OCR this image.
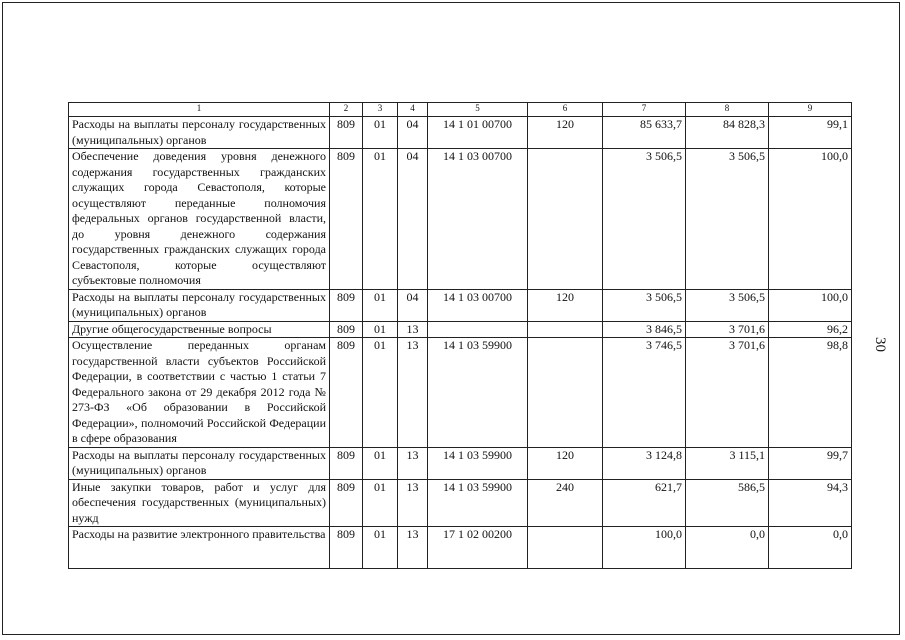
30
1	2	3	4	5	6	7	8	9
Расходы на выплаты персоналу государственных (муниципальных) органов	809	01	04	14 1 01 00700	120	85 633,7	84 828,3	99,1
Обеспечение доведения уровня денежного содержания государственных гражданских служащих города Севастополя, которые осуществляют переданные полномочия федеральных органов государственной власти, до уровня денежного содержания государственных гражданских служащих города Севастополя, которые осуществляют субъектовые полномочия	809	01	04	14 1 03 00700		3 506,5	3 506,5	100,0
Расходы на выплаты персоналу государственных (муниципальных) органов	809	01	04	14 1 03 00700	120	3 506,5	3 506,5	100,0
Другие общегосударственные вопросы	809	01	13			3 846,5	3 701,6	96,2
Осуществление переданных органам государственной власти субъектов Российской Федерации, в соответствии с частью 1 статьи 7 Федерального закона от 29 декабря 2012 года № 273-ФЗ «Об образовании в Российской Федерации», полномочий Российской Федерации в сфере образования	809	01	13	14 1 03 59900		3 746,5	3 701,6	98,8
Расходы на выплаты персоналу государственных (муниципальных) органов	809	01	13	14 1 03 59900	120	3 124,8	3 115,1	99,7
Иные закупки товаров, работ и услуг для обеспечения государственных (муниципальных) нужд	809	01	13	14 1 03 59900	240	621,7	586,5	94,3
Расходы на развитие электронного правительства	809	01	13	17 1 02 00200		100,0	0,0	0,0
